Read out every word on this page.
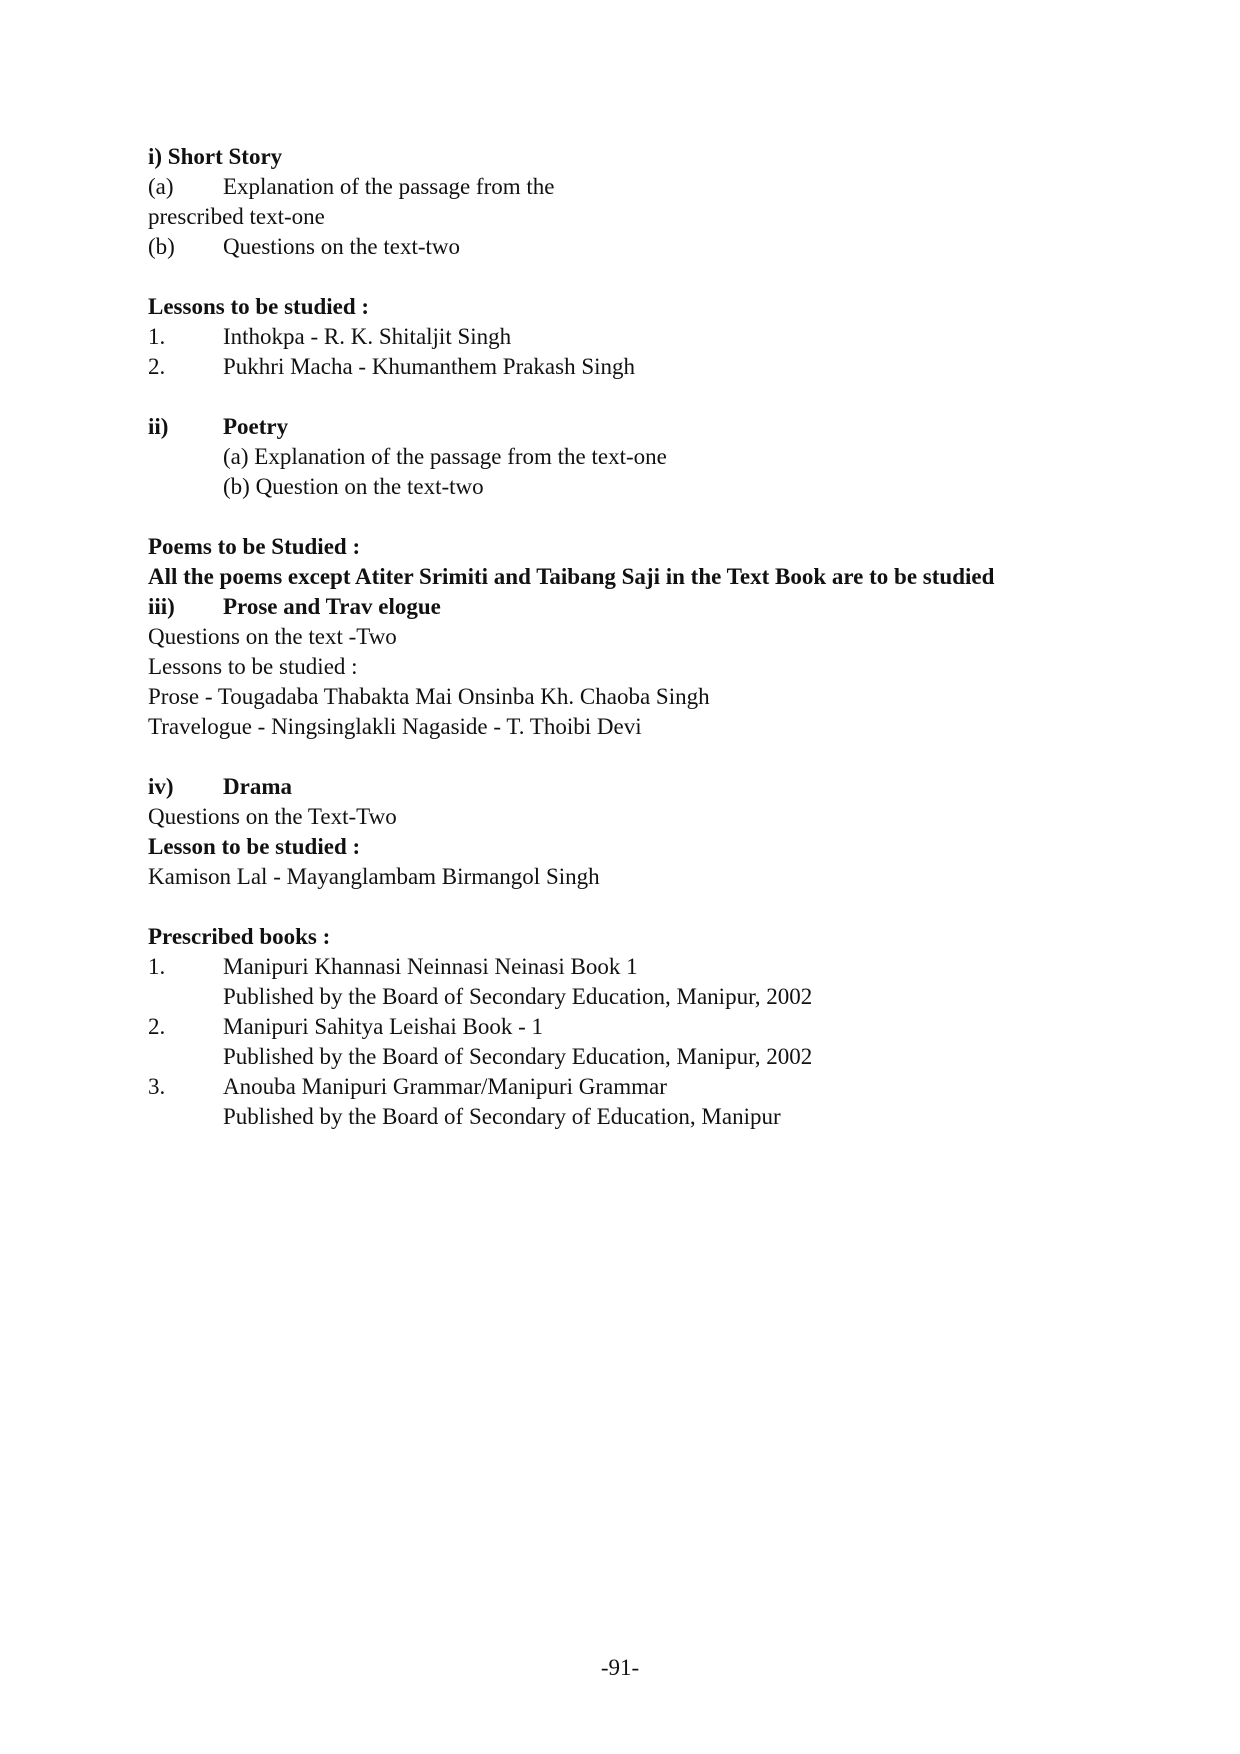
i) Short Story
(a) Explanation of the passage from the
prescribed text-one
(b) Questions on the text-two
Lessons to be studied :
1.	Inthokpa - R. K. Shitaljit Singh
2.	Pukhri Macha - Khumanthem Prakash Singh
ii) Poetry
(a) Explanation of the passage from the text-one
(b) Question on the text-two
Poems to be Studied :
All the poems except Atiter Srimiti and Taibang Saji in the Text Book are to be studied
iii) Prose and Trav elogue
Questions on the text -Two
Lessons to be studied :
Prose - Tougadaba Thabakta Mai Onsinba Kh. Chaoba Singh
Travelogue - Ningsinglakli Nagaside - T. Thoibi Devi
iv) Drama
Questions on the Text-Two
Lesson to be studied :
Kamison Lal - Mayanglambam Birmangol Singh
Prescribed books :
1.	Manipuri Khannasi Neinnasi Neinasi Book 1
Published by the Board of Secondary Education, Manipur, 2002
2.	Manipuri Sahitya Leishai Book - 1
Published by the Board of Secondary Education, Manipur, 2002
3.	Anouba Manipuri Grammar/Manipuri Grammar
Published by the Board of Secondary of Education, Manipur
-91-
